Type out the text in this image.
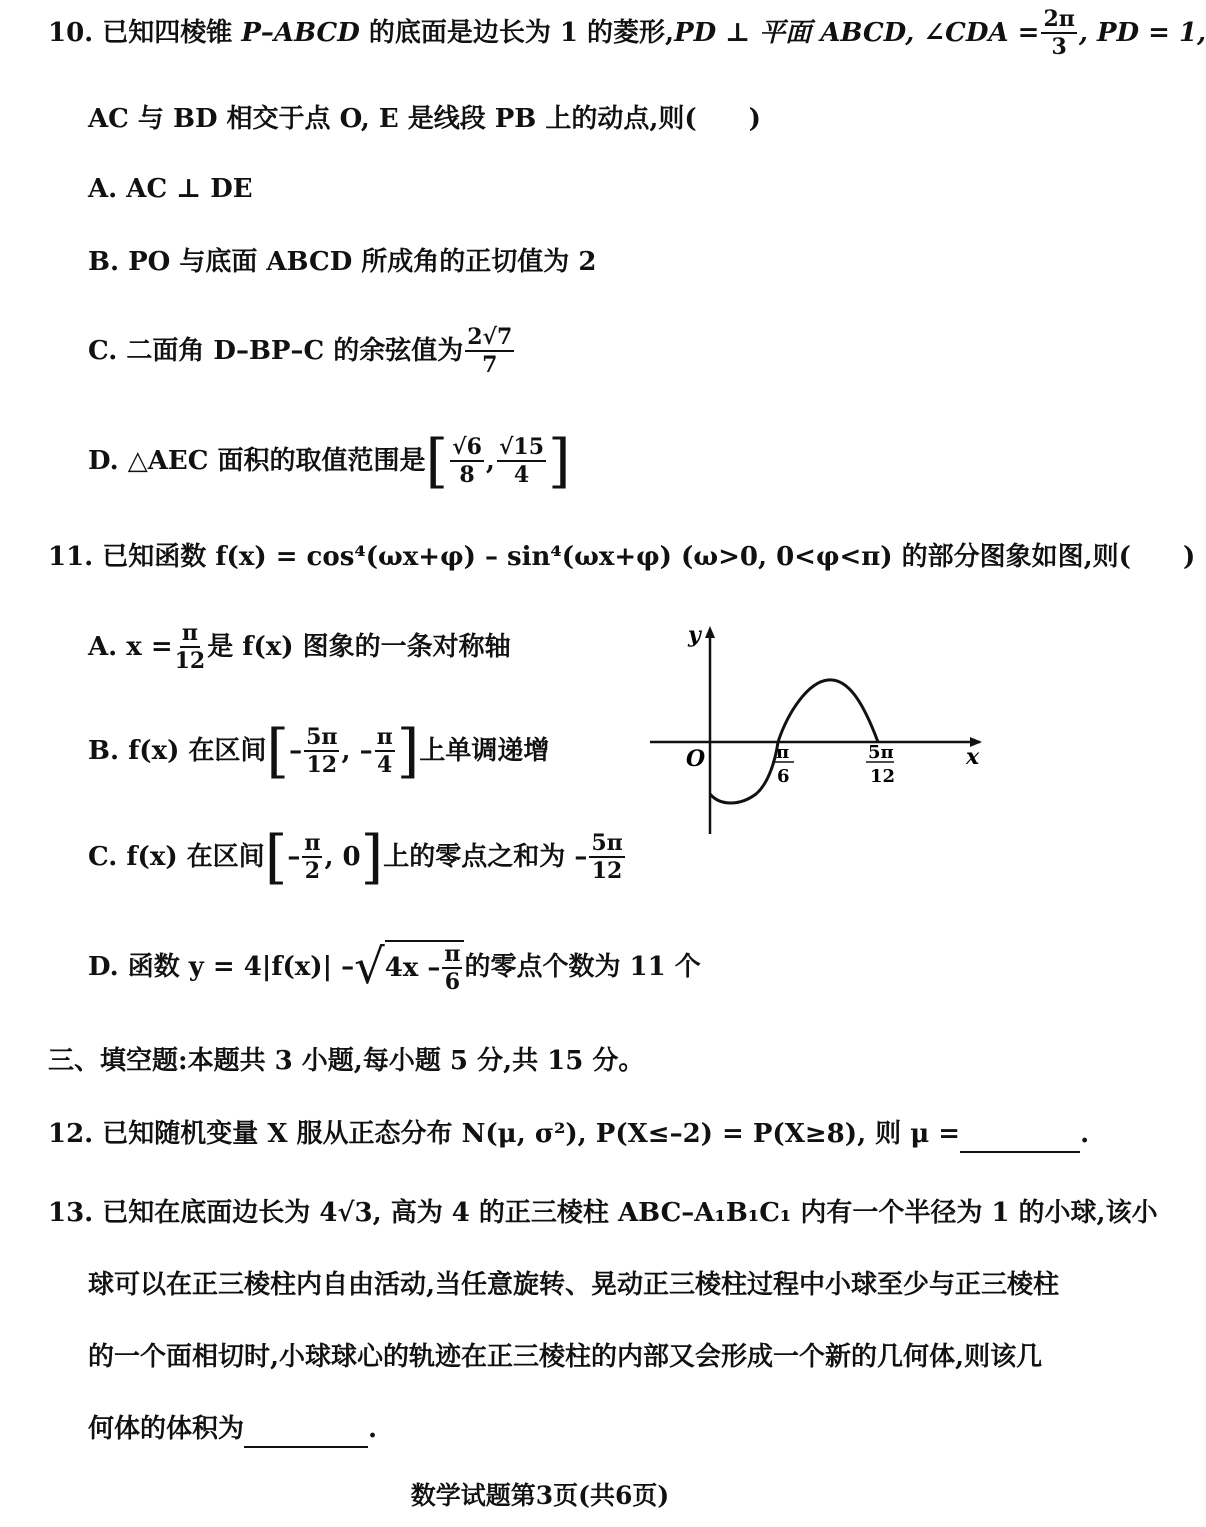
10.
已知四棱锥
P–ABCD
的底面是边长为 1 的菱形, PD ⊥ 平面 ABCD,
∠CDA = $\frac{2\pi}{3}$ , PD = 1,
AC 与 BD 相交于点 O, E 是线段 PB 上的动点,则(　　)
A. AC ⊥ DE
B. PO 与底面 ABCD 所成角的正切值为 2
C. 二面角 D–BP–C 的余弦值为 $\frac{2√7}{7}$
D. △AEC 面积的取值范围是 [ $\frac{√6}{8}$ , $\frac{√15}{4}$ ]
11. 已知函数 f(x) = cos⁴(ωx+φ) – sin⁴(ωx+φ) (ω>0, 0<φ<π) 的部分图象如图,则(　　)
A. $x = \frac{\pi}{12}$ 是 f(x) 图象的一条对称轴
B. f(x) 在区间 [ – $\frac{5\pi}{12}$ , – $\frac{\pi}{4}$ ] 上单调递增
C. f(x) 在区间 [ – $\frac{\pi}{2}$ , 0 ] 上的零点之和为 – $\frac{5\pi}{12}$
D. 函数 y = 4|f(x)| – √ $4x - \frac{\pi}{6}$ 的零点个数为 11 个
y
x
O	π
6
5π
12
三、填空题:本题共 3 小题,每小题 5 分,共 15 分。
12. 已知随机变量 X 服从正态分布 N(μ, σ²), P(X≤–2) = P(X≥8), 则 μ =	.
13. 已知在底面边长为 4√3, 高为 4 的正三棱柱 ABC–A₁B₁C₁ 内有一个半径为 1 的小球,该小
球可以在正三棱柱内自由活动,当任意旋转、晃动正三棱柱过程中小球至少与正三棱柱
的一个面相切时,小球球心的轨迹在正三棱柱的内部又会形成一个新的几何体,则该几
何体的体积为	.
数学试题第3页(共6页)
